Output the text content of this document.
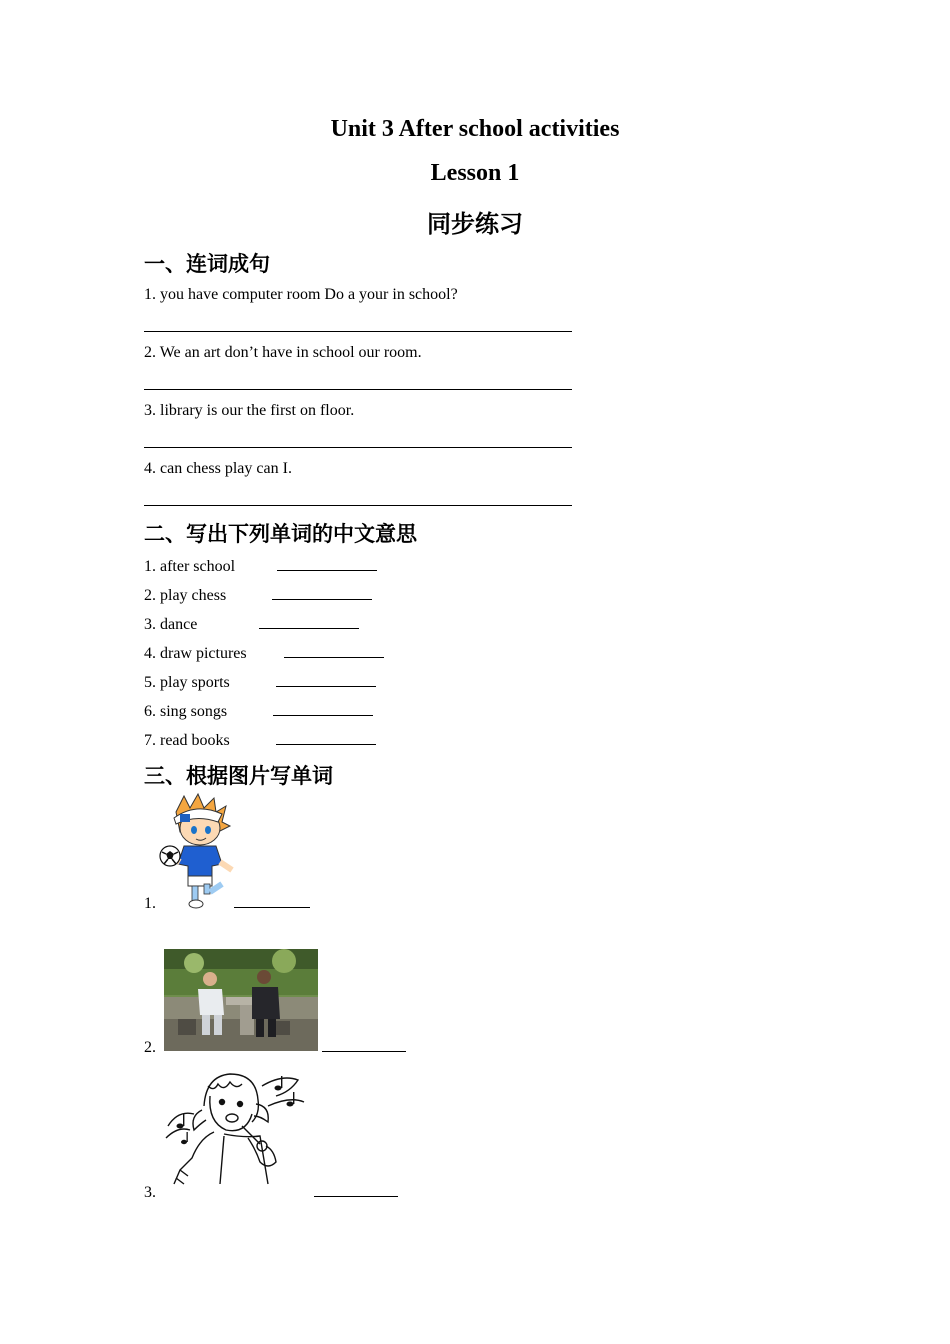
Unit 3 After school activities
Lesson 1
同步练习
一、连词成句
1. you have computer room Do a your in school?
2. We an art don’t have in school our room.
3. library is our the first on floor.
4. can chess play can I.
二、写出下列单词的中文意思
1. after school
2. play chess
3. dance
4. draw pictures
5. play sports
6. sing songs
7. read books
三、根据图片写单词
1.
2.
3.
